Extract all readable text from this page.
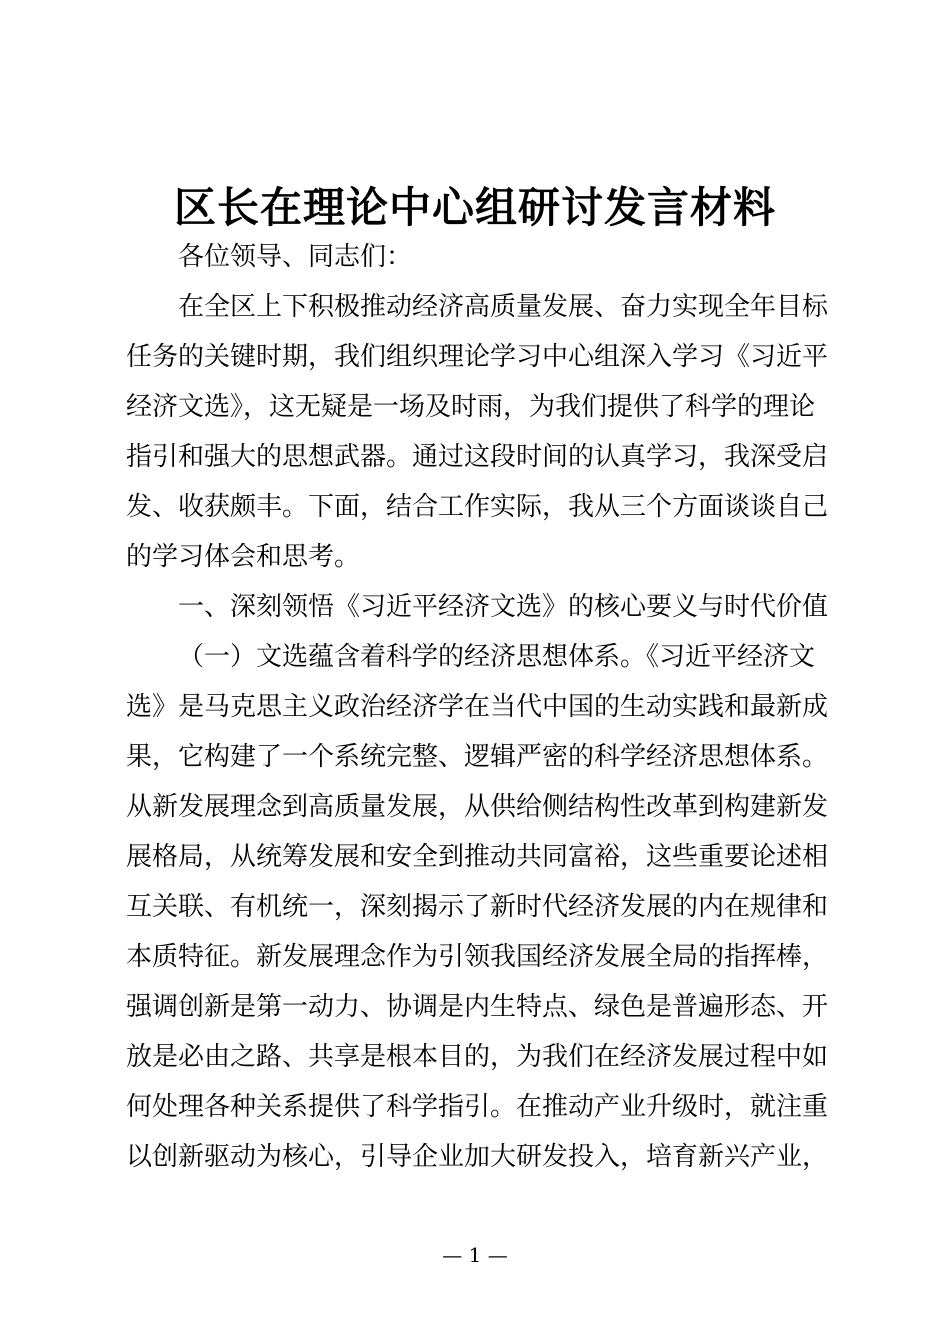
区长在理论中心组研讨发言材料
各位领导、同志们：
在全区上下积极推动经济高质量发展、奋力实现全年目标
任务的关键时期，我们组织理论学习中心组深入学习《习近平
经济文选》，这无疑是一场及时雨，为我们提供了科学的理论
指引和强大的思想武器。通过这段时间的认真学习，我深受启
发、收获颇丰。下面，结合工作实际，我从三个方面谈谈自己
的学习体会和思考。
一、深刻领悟《习近平经济文选》的核心要义与时代价值
（一）文选蕴含着科学的经济思想体系。《习近平经济文
选》是马克思主义政治经济学在当代中国的生动实践和最新成
果，它构建了一个系统完整、逻辑严密的科学经济思想体系。
从新发展理念到高质量发展，从供给侧结构性改革到构建新发
展格局，从统筹发展和安全到推动共同富裕，这些重要论述相
互关联、有机统一，深刻揭示了新时代经济发展的内在规律和
本质特征。新发展理念作为引领我国经济发展全局的指挥棒，
强调创新是第一动力、协调是内生特点、绿色是普遍形态、开
放是必由之路、共享是根本目的，为我们在经济发展过程中如
何处理各种关系提供了科学指引。在推动产业升级时，就注重
以创新驱动为核心，引导企业加大研发投入，培育新兴产业，
— 1 —
